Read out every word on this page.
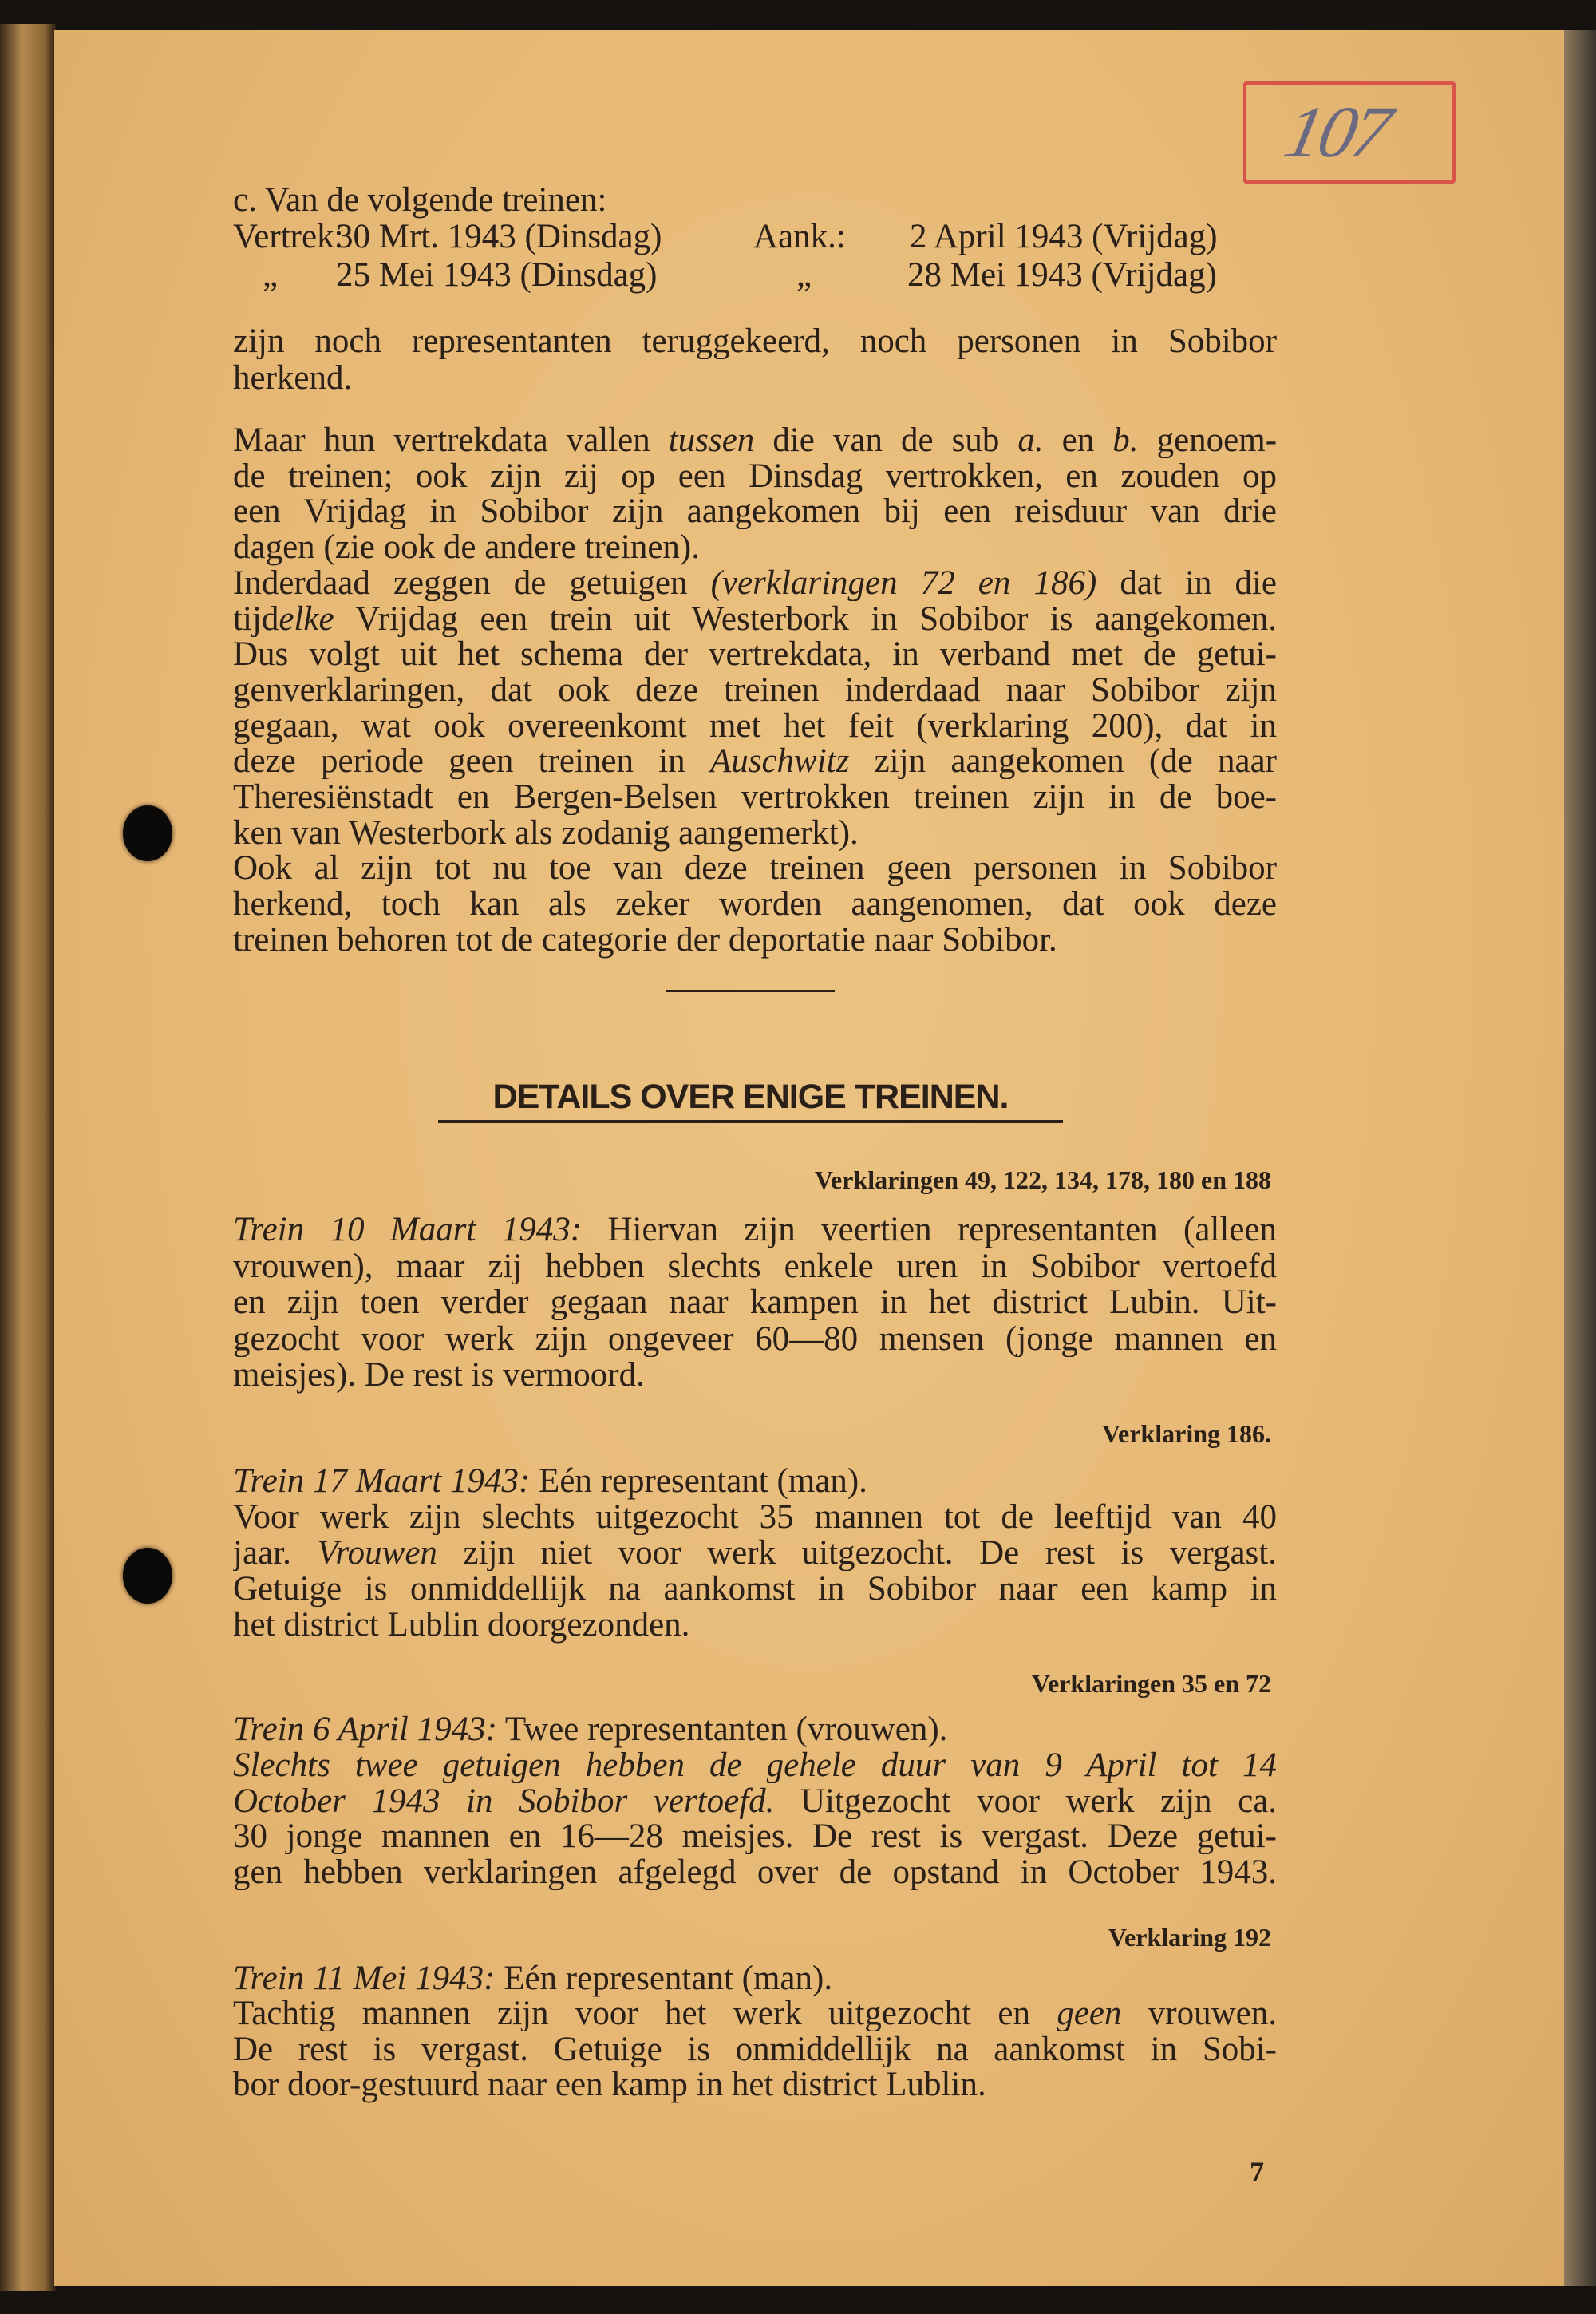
107
c. Van de volgende treinen:
Vertrek:
30 Mrt. 1943 (Dinsdag)	Aank.: 2 April 1943 (Vrijdag)
„ 25 Mei 1943 (Dinsdag)	„	28 Mei 1943 (Vrijdag)
zijn noch representanten teruggekeerd, noch personen in Sobibor
herkend.
Maar hun vertrekdata vallen tussen die van de sub a. en b. genoem-
de treinen; ook zijn zij op een Dinsdag vertrokken, en zouden op
een Vrijdag in Sobibor zijn aangekomen bij een reisduur van drie
dagen (zie ook de andere treinen).
Inderdaad zeggen de getuigen (verklaringen 72 en 186) dat in die
tijdelke Vrijdag een trein uit Westerbork in Sobibor is aangekomen.
Dus volgt uit het schema der vertrekdata, in verband met de getui-
genverklaringen, dat ook deze treinen inderdaad naar Sobibor zijn
gegaan, wat ook overeenkomt met het feit (verklaring 200), dat in
deze periode geen treinen in Auschwitz zijn aangekomen (de naar
Theresiënstadt en Bergen-Belsen vertrokken treinen zijn in de boe-
ken van Westerbork als zodanig aangemerkt).
Ook al zijn tot nu toe van deze treinen geen personen in Sobibor
herkend, toch kan als zeker worden aangenomen, dat ook deze
treinen behoren tot de categorie der deportatie naar Sobibor.
Trein 10 Maart 1943: Hiervan zijn veertien representanten (alleen
vrouwen), maar zij hebben slechts enkele uren in Sobibor vertoefd
en zijn toen verder gegaan naar kampen in het district Lubin. Uit-
gezocht voor werk zijn ongeveer 60—80 mensen (jonge mannen en
meisjes). De rest is vermoord.
Trein 17 Maart 1943: Eén representant (man).
Voor werk zijn slechts uitgezocht 35 mannen tot de leeftijd van 40
jaar. Vrouwen zijn niet voor werk uitgezocht. De rest is vergast.
Getuige is onmiddellijk na aankomst in Sobibor naar een kamp in
het district Lublin doorgezonden.
Trein 6 April 1943: Twee representanten (vrouwen).
Slechts twee getuigen hebben de gehele duur van 9 April tot 14
October 1943 in Sobibor vertoefd. Uitgezocht voor werk zijn ca.
30 jonge mannen en 16—28 meisjes. De rest is vergast. Deze getui-
gen hebben verklaringen afgelegd over de opstand in October 1943.
Trein 11 Mei 1943: Eén representant (man).
Tachtig mannen zijn voor het werk uitgezocht en geen vrouwen.
De rest is vergast. Getuige is onmiddellijk na aankomst in Sobi-
bor door-gestuurd naar een kamp in het district Lublin.
DETAILS OVER ENIGE TREINEN.
Verklaringen 49, 122, 134, 178, 180 en 188
Verklaring 186.
Verklaringen 35 en 72
Verklaring 192
7
